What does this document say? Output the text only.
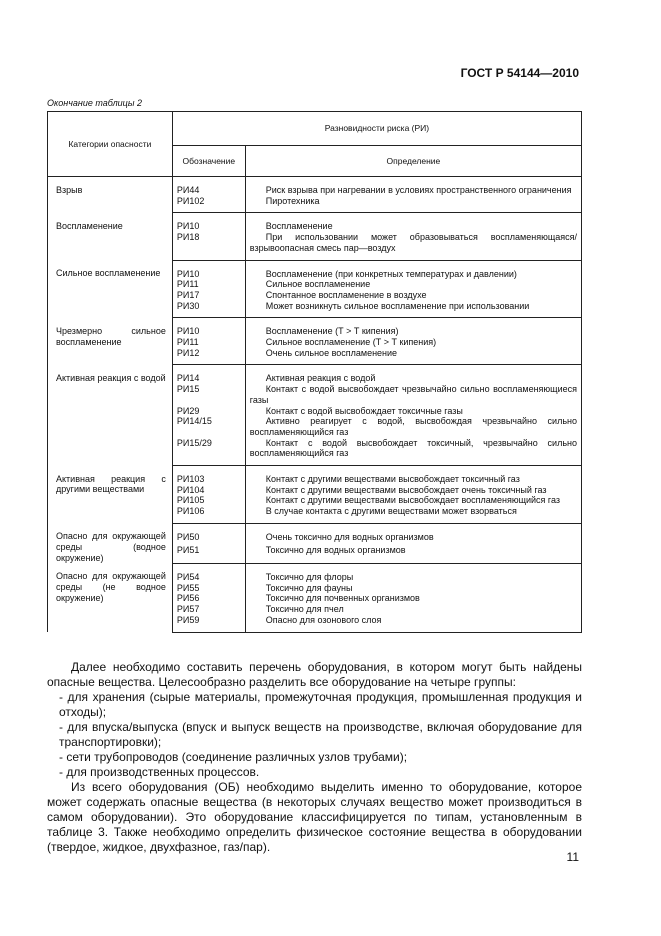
ГОСТ Р 54144—2010
Окончание таблицы 2
Категории опасности	Разновидности риска (РИ)	
	Обозначение	Определение
Взрыв	РИ44	Риск взрыва при нагревании в условиях пространственного ограничения
	РИ102	Пиротехника

Воспламенение	РИ10	Воспламенение
	РИ18	При использовании может образовываться воспламеняющаяся/взрывоопасная смесь пар—воздух

Сильное воспламенение	РИ10	Воспламенение (при конкретных температурах и давлении)
	РИ11	Сильное воспламенение
	РИ17	Спонтанное воспламенение в воздухе
	РИ30	Может возникнуть сильное воспламенение при использовании

Чрезмерно сильное воспламенение	РИ10	Воспламенение (Т > Т кипения)
	РИ11	Сильное воспламенение (Т > Т кипения)
	РИ12	Очень сильное воспламенение

Активная реакция с водой	РИ14	Активная реакция с водой
	РИ15	Контакт с водой высвобождает чрезвычайно сильно воспламеняющиеся газы
	РИ29	Контакт с водой высвобождает токсичные газы
	РИ14/15	Активно реагирует с водой, высвобождая чрезвычайно сильно воспламеняющийся газ
	РИ15/29	Контакт с водой высвобождает токсичный, чрезвычайно сильно воспламеняющийся газ

Активная реакция с другими веществами	РИ103	Контакт с другими веществами высвобождает токсичный газ
	РИ104	Контакт с другими веществами высвобождает очень токсичный газ
	РИ105	Контакт с другими веществами высвобождает воспламеняющийся газ
	РИ106	В случае контакта с другими веществами может взорваться

Опасно для окружающей среды (водное окружение)	РИ50	Очень токсично для водных организмов
	РИ51	Токсично для водных организмов

Опасно для окружающей среды (не водное окружение)	РИ54	Токсично для флоры
	РИ55	Токсично для фауны
	РИ56	Токсично для почвенных организмов
	РИ57	Токсично для пчел
	РИ59	Опасно для озонового слоя

Далее необходимо составить перечень оборудования, в котором могут быть найдены опасные вещества. Целесообразно разделить все оборудование на четыре группы:

- для хранения (сырые материалы, промежуточная продукция, промышленная продукция и отходы);

- для впуска/выпуска (впуск и выпуск веществ на производстве, включая оборудование для транспортировки);

- сети трубопроводов (соединение различных узлов трубами);

- для производственных процессов.

Из всего оборудования (ОБ) необходимо выделить именно то оборудование, которое может содержать опасные вещества (в некоторых случаях вещество может производиться в самом оборудовании). Это оборудование классифицируется по типам, установленным в таблице 3. Также необходимо определить физическое состояние вещества в оборудовании (твердое, жидкое, двухфазное, газ/пар).

11
